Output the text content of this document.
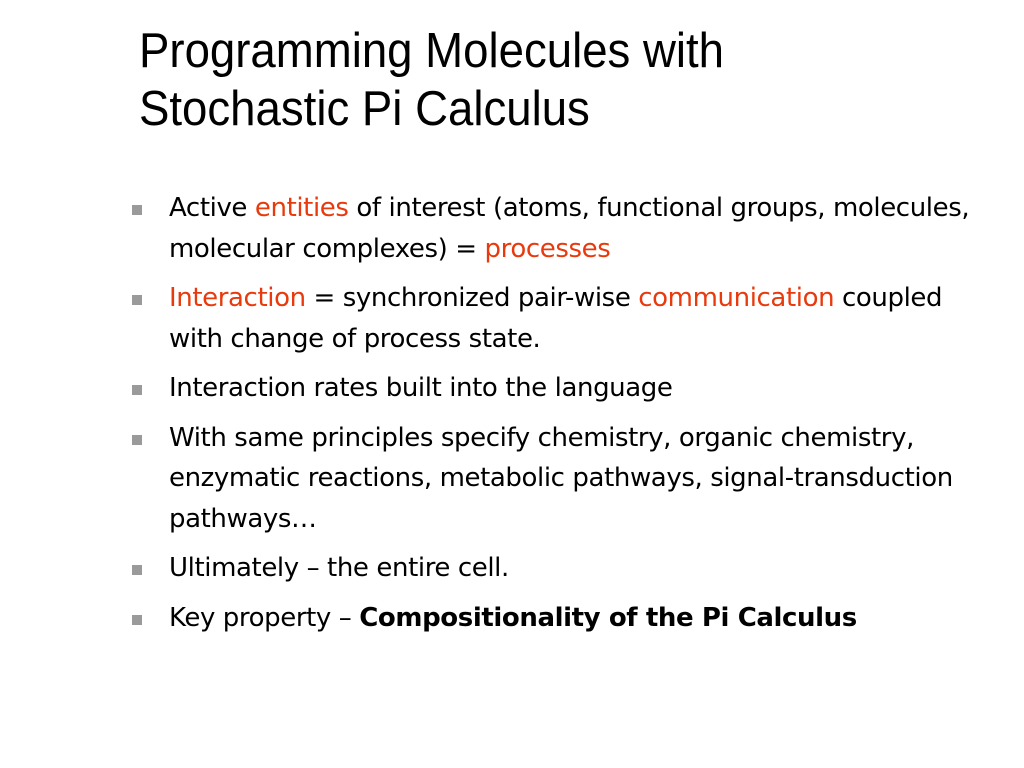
Programming Molecules with
Stochastic Pi Calculus
Active entities of interest (atoms, functional groups, molecules, molecular complexes) = processes
Interaction = synchronized pair-wise communication coupled with change of process state.
Interaction rates built into the language
With same principles specify chemistry, organic chemistry, enzymatic reactions, metabolic pathways, signal-transduction pathways…
Ultimately – the entire cell.
Key property – Compositionality of the Pi Calculus
